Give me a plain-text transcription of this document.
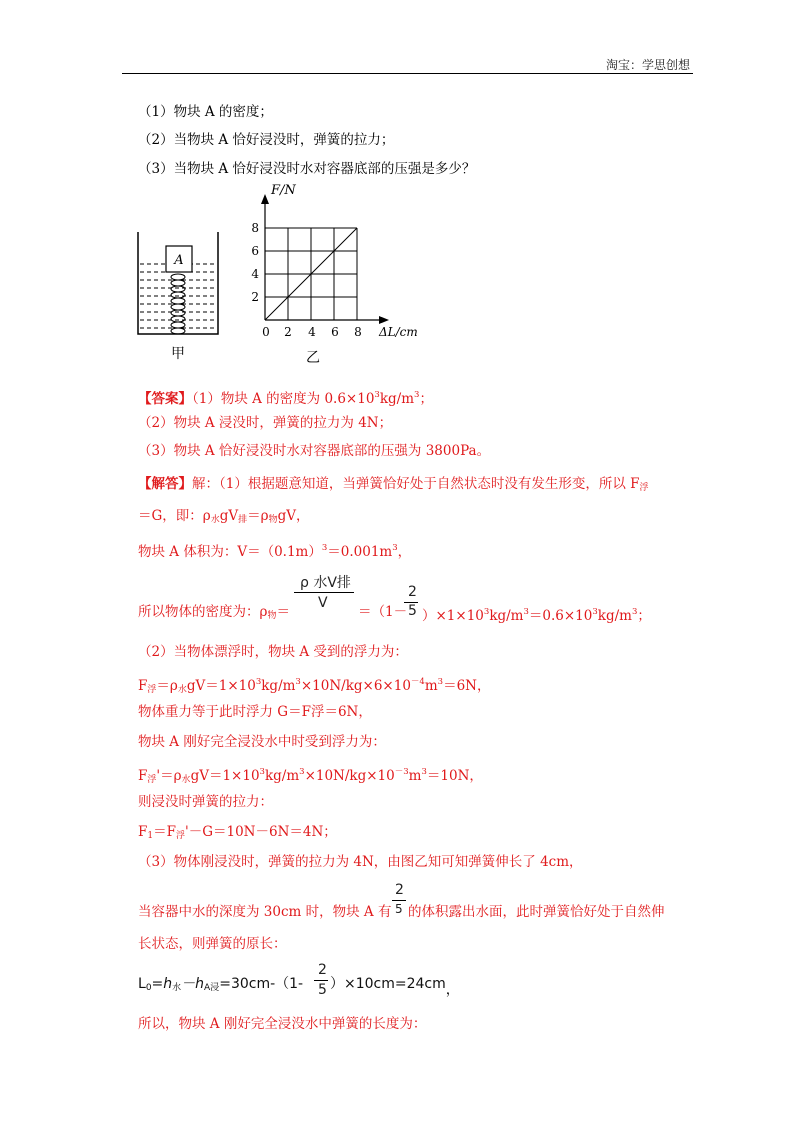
淘宝：学思创想
（1）物块 A 的密度；
（2）当物块 A 恰好浸没时，弹簧的拉力；
（3）当物块 A 恰好浸没时水对容器底部的压强是多少？
A
甲
F/N
8
6
4
2
0 2 4 6 8 ΔL/cm
乙
【答案】（1）物块 A 的密度为 $0.6\times 10^3kg/m^3$；
（2）物块 A 浸没时，弹簧的拉力为 4N；
（3）物块 A 恰好浸没时水对容器底部的压强为 3800Pa。
【解答】解：（1）根据题意知道，当弹簧恰好处于自然状态时没有发生形变，所以 $F_浮$
＝G，即：$\rho_水gV_排=\rho_物gV$，
物块 A 体积为：$V=(0.1m)^3=0.001m^3$，
ρ 水V排
V
2
5
所以物体的密度为：$\rho_物=$	$=(1- )\times 1\times 10^3kg/m^3=0.6\times 10^3kg/m^3$；
（2）当物体漂浮时，物块 A 受到的浮力为：
$F_浮=\rho_水gV=1\times 10^3kg/m^3\times 10N/kg\times 6\times 10^{-4}m^3=6N$，
物体重力等于此时浮力 G＝F浮＝6N，
物块 A 刚好完全浸没水中时受到浮力为：
$F_浮'=\rho_水gV=1\times 10^3kg/m^3\times 10N/kg\times 10^{-3}m^3=10N$，
则浸没时弹簧的拉力：
$F_1=F_浮'-G=10N-6N=4N$；
（3）物体刚浸没时，弹簧的拉力为 4N，由图乙知可知弹簧伸长了 4cm，
2
5
当容器中水的深度为 30cm 时，物块 A 有 的体积露出水面，此时弹簧恰好处于自然伸
长状态，则弹簧的原长：
$L_0=h_水-h_{A浸}=30cm-(1-$
2
5 ）×10cm=24cm，
所以，物块 A 刚好完全浸没水中弹簧的长度为：
